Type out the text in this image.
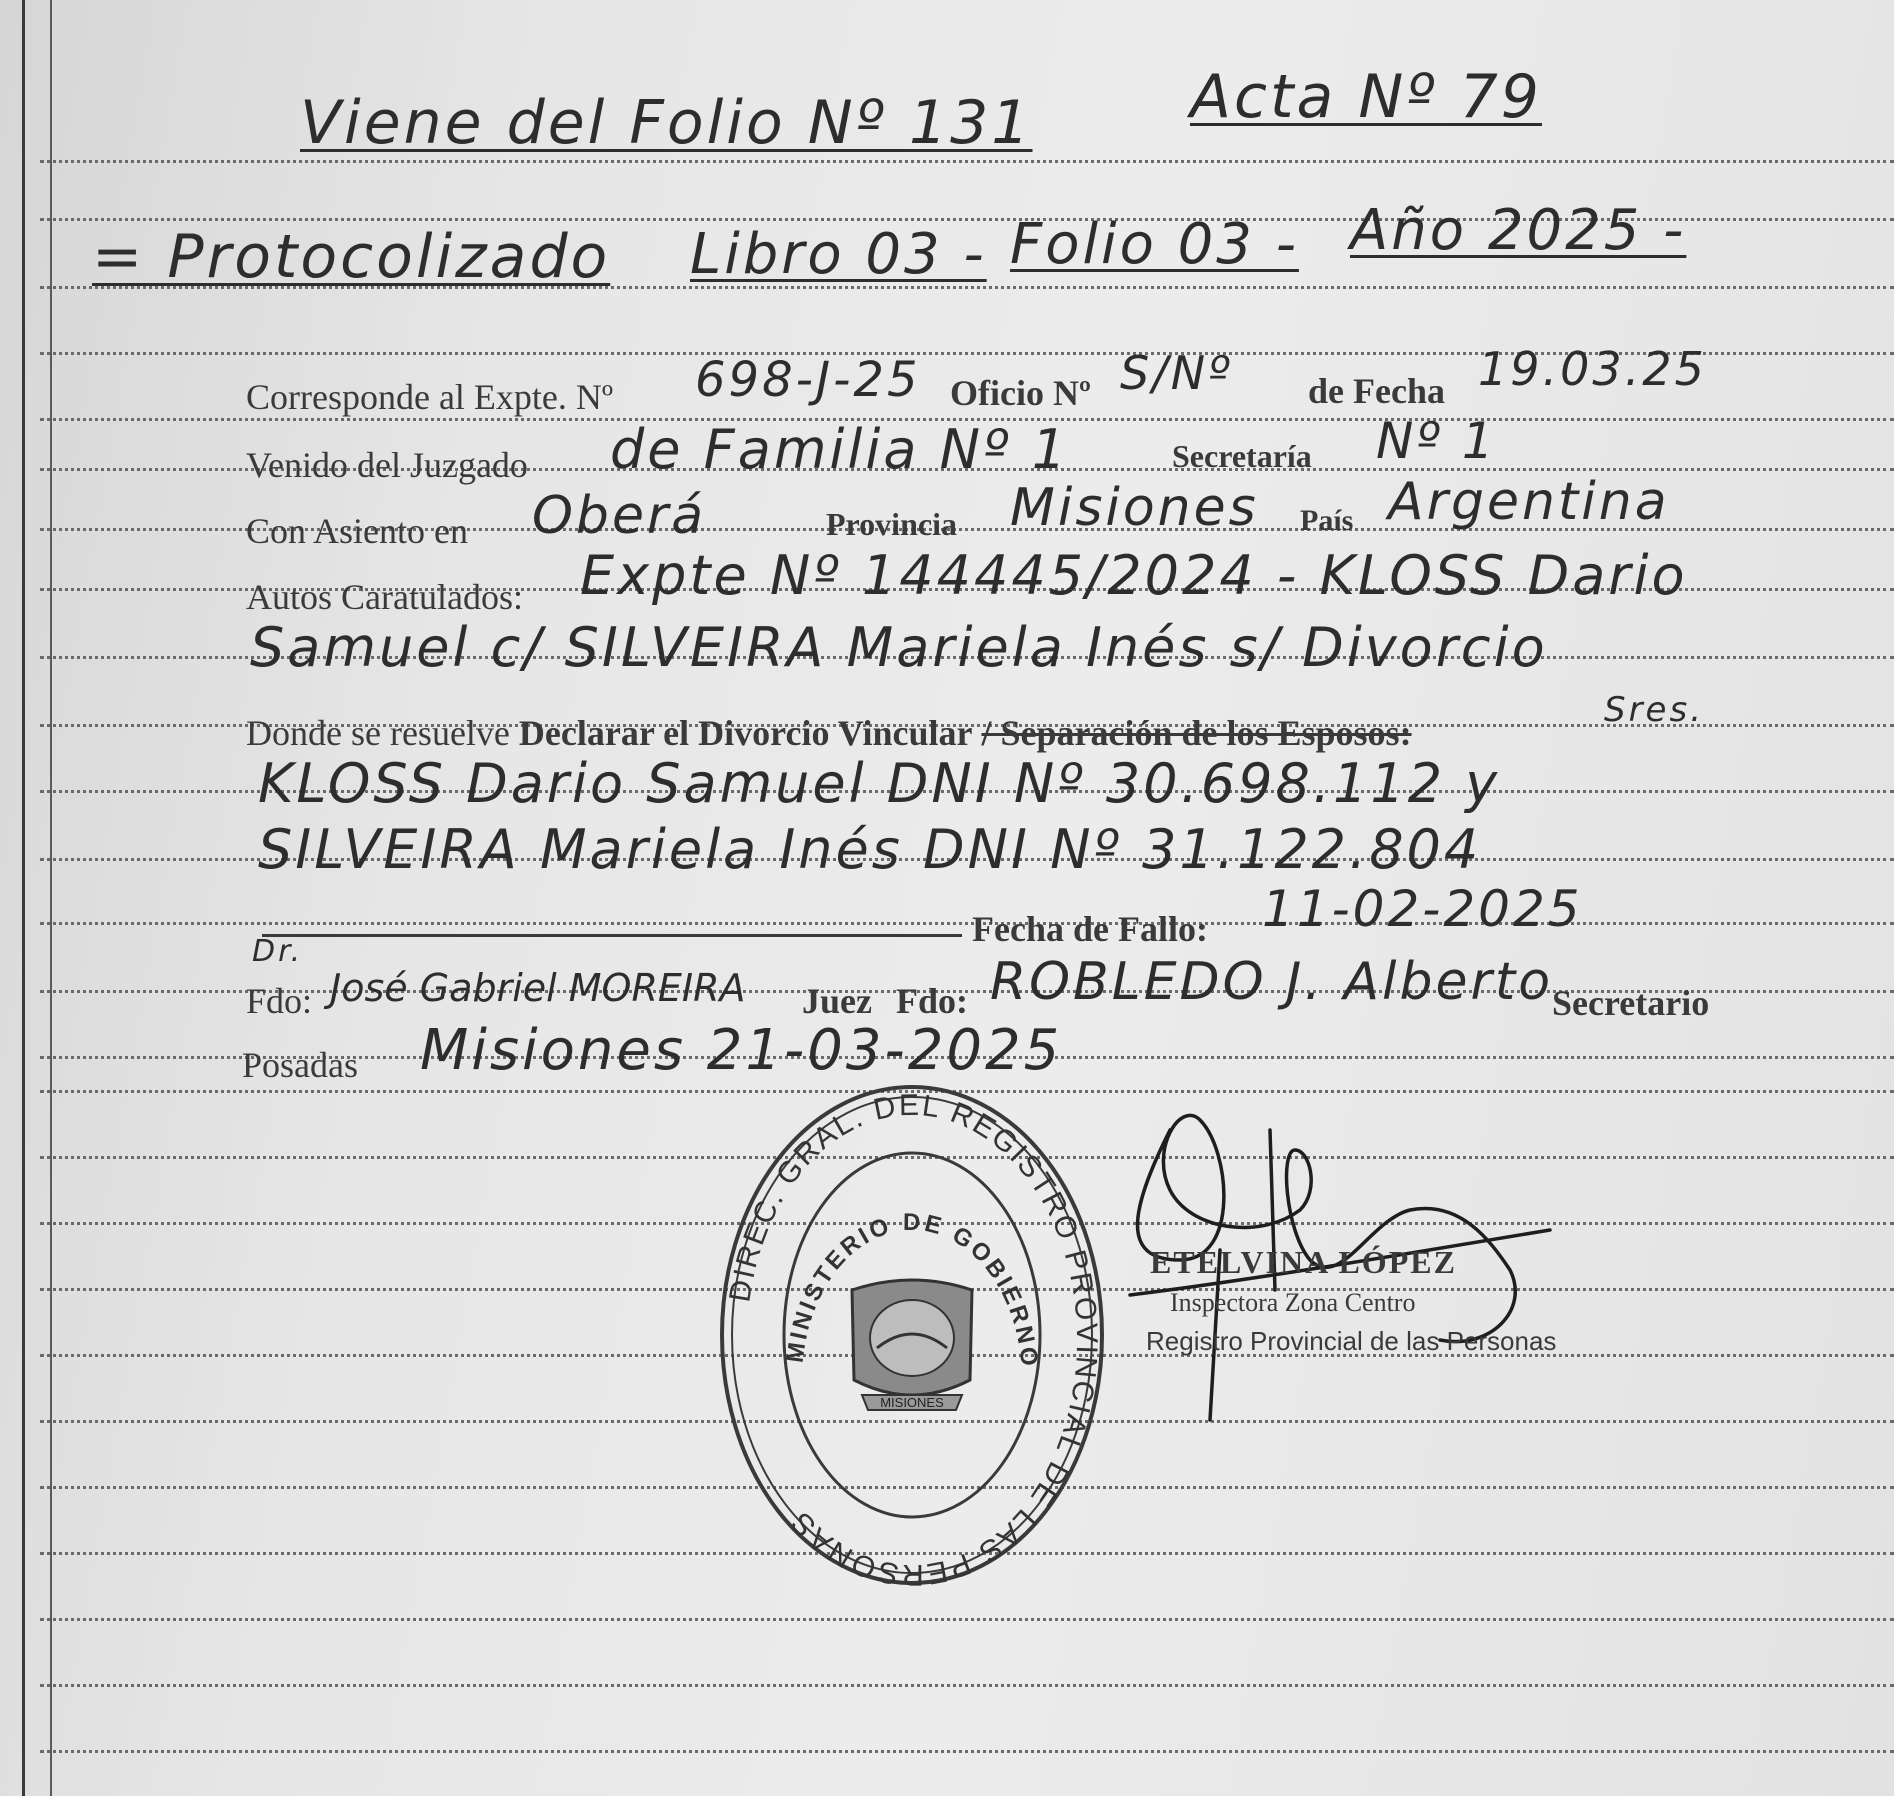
Viene del Folio Nº 131	Acta Nº 79
= Protocolizado Libro 03 - Folio 03 - Año 2025 -
Corresponde al Expte. Nº 698-J-25 Oficio Nº S/Nº de Fecha 19.03.25
Venido del Juzgado de Familia Nº 1	Secretaría Nº 1
Con Asiento en Oberá	Provincia Misiones País Argentina
Autos Caratulados: Expte Nº 144445/2024 - KLOSS Dario
Samuel c/ SILVEIRA Mariela Inés s/ Divorcio
Donde se resuelve Declarar el Divorcio Vincular / Separación de los Esposos:
Sres.
KLOSS Dario Samuel DNI Nº 30.698.112 y
SILVEIRA Mariela Inés DNI Nº 31.122.804
Fecha de Fallo: 11-02-2025
Dr.
Fdo: José Gabriel MOREIRA Juez Fdo: ROBLEDO J. Alberto
Secretario
Posadas Misiones 21-03-2025
DIREC. GRAL. DEL REGISTRO PROVINCIAL DE LAS PERSONAS
MINISTERIO DE GOBIERNO
MISIONES
ETELVINA LÓPEZ
Inspectora Zona Centro
Registro Provincial de las Personas
